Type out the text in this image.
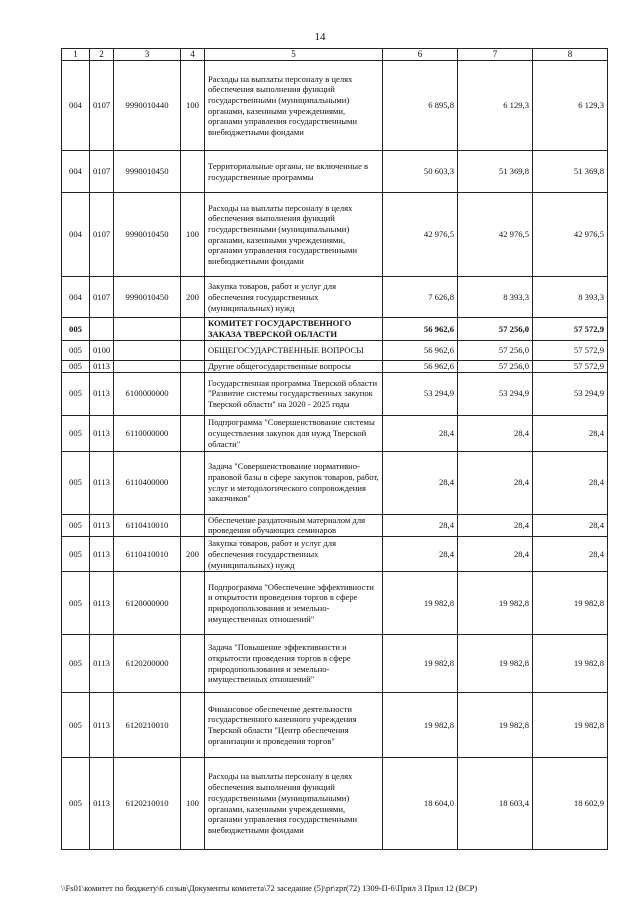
14
1	2	3	4	5	6	7	8
004	0107	9990010440	100	Расходы на выплаты персоналу в целях обеспечения выполнения функций государственными (муниципальными) органами, казенными учреждениями, органами управления государственными внебюджетными фондами	6 895,8	6 129,3	6 129,3
004	0107	9990010450		Территориальные органы, не включенные в государственные программы	50 603,3	51 369,8	51 369,8
004	0107	9990010450	100	Расходы на выплаты персоналу в целях обеспечения выполнения функций государственными (муниципальными) органами, казенными учреждениями, органами управления государственными внебюджетными фондами	42 976,5	42 976,5	42 976,5
004	0107	9990010450	200	Закупка товаров, работ и услуг для обеспечения государственных (муниципальных) нужд	7 626,8	8 393,3	8 393,3
005				КОМИТЕТ ГОСУДАРСТВЕННОГО ЗАКАЗА ТВЕРСКОЙ ОБЛАСТИ	56 962,6	57 256,0	57 572,9
005	0100			ОБЩЕГОСУДАРСТВЕННЫЕ ВОПРОСЫ	56 962,6	57 256,0	57 572,9
005	0113			Другие общегосударственные вопросы	56 962,6	57 256,0	57 572,9
005	0113	6100000000		Государственная программа Тверской области "Развитие системы государственных закупок Тверской области" на 2020 - 2025 годы	53 294,9	53 294,9	53 294,9
005	0113	6110000000		Подпрограмма "Совершенствование системы осуществления закупок для нужд Тверской области"	28,4	28,4	28,4
005	0113	6110400000		Задача "Совершенствование нормативно-правовой базы в сфере закупок товаров, работ, услуг и методологического сопровождения заказчиков"	28,4	28,4	28,4
005	0113	6110410010		Обеспечение раздаточным материалом для проведения обучающих семинаров	28,4	28,4	28,4
005	0113	6110410010	200	Закупка товаров, работ и услуг для обеспечения государственных (муниципальных) нужд	28,4	28,4	28,4
005	0113	6120000000		Подпрограмма "Обеспечение эффективности и открытости проведения торгов в сфере природопользования и земельно-имущественных отношений"	19 982,8	19 982,8	19 982,8
005	0113	6120200000		Задача "Повышение эффективности и открытости проведения торгов в сфере природопользования и земельно-имущественных отношений"	19 982,8	19 982,8	19 982,8
005	0113	6120210010		Финансовое обеспечение деятельности государственного казенного учреждения Тверской области "Центр обеспечения организации и проведения торгов"	19 982,8	19 982,8	19 982,8
005	0113	6120210010	100	Расходы на выплаты персоналу в целях обеспечения выполнения функций государственными (муниципальными) органами, казенными учреждениями, органами управления государственными внебюджетными фондами	18 604,0	18 603,4	18 602,9
\\Fs01\комитет по бюджету\6 созыв\Документы комитета\72 заседание (5)\pr\zpr(72) 1309-П-6\Прил 3 Прил 12 (ВСР)
